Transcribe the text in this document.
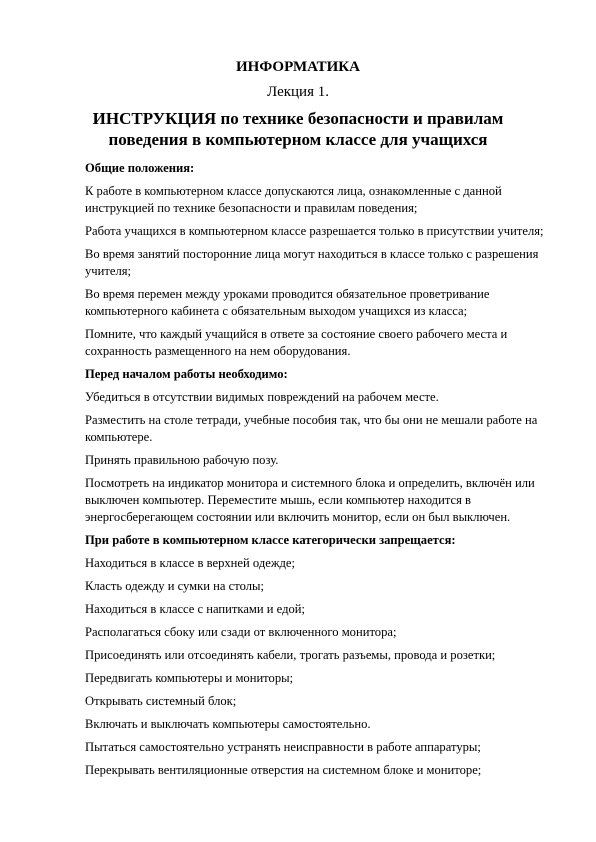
ИНФОРМАТИКА
Лекция 1.
ИНСТРУКЦИЯ по технике безопасности и правилам поведения в компьютерном классе для учащихся
Общие положения:
К работе в компьютерном классе допускаются лица, ознакомленные с данной инструкцией по технике безопасности и правилам поведения;
Работа учащихся в компьютерном классе разрешается только в присутствии учителя;
Во время занятий посторонние лица могут находиться в классе только с разрешения учителя;
Во время перемен между уроками проводится обязательное проветривание компьютерного кабинета с обязательным выходом учащихся из класса;
Помните, что каждый учащийся в ответе за состояние своего рабочего места и сохранность размещенного на нем оборудования.
Перед началом работы необходимо:
Убедиться в отсутствии видимых повреждений на рабочем месте.
Разместить на столе тетради, учебные пособия так, что бы они не мешали работе на компьютере.
Принять правильною рабочую позу.
Посмотреть на индикатор монитора и системного блока и определить, включён или выключен компьютер. Переместите мышь, если компьютер находится в энергосберегающем состоянии или включить монитор, если он был выключен.
При работе в компьютерном классе категорически запрещается:
Находиться в классе в верхней одежде;
Класть одежду и сумки на столы;
Находиться в классе с напитками и едой;
Располагаться сбоку или сзади от включенного монитора;
Присоединять или отсоединять кабели, трогать разъемы, провода и розетки;
Передвигать компьютеры и мониторы;
Открывать системный блок;
Включать и выключать компьютеры самостоятельно.
Пытаться самостоятельно устранять неисправности в работе аппаратуры;
Перекрывать вентиляционные отверстия на системном блоке и мониторе;
